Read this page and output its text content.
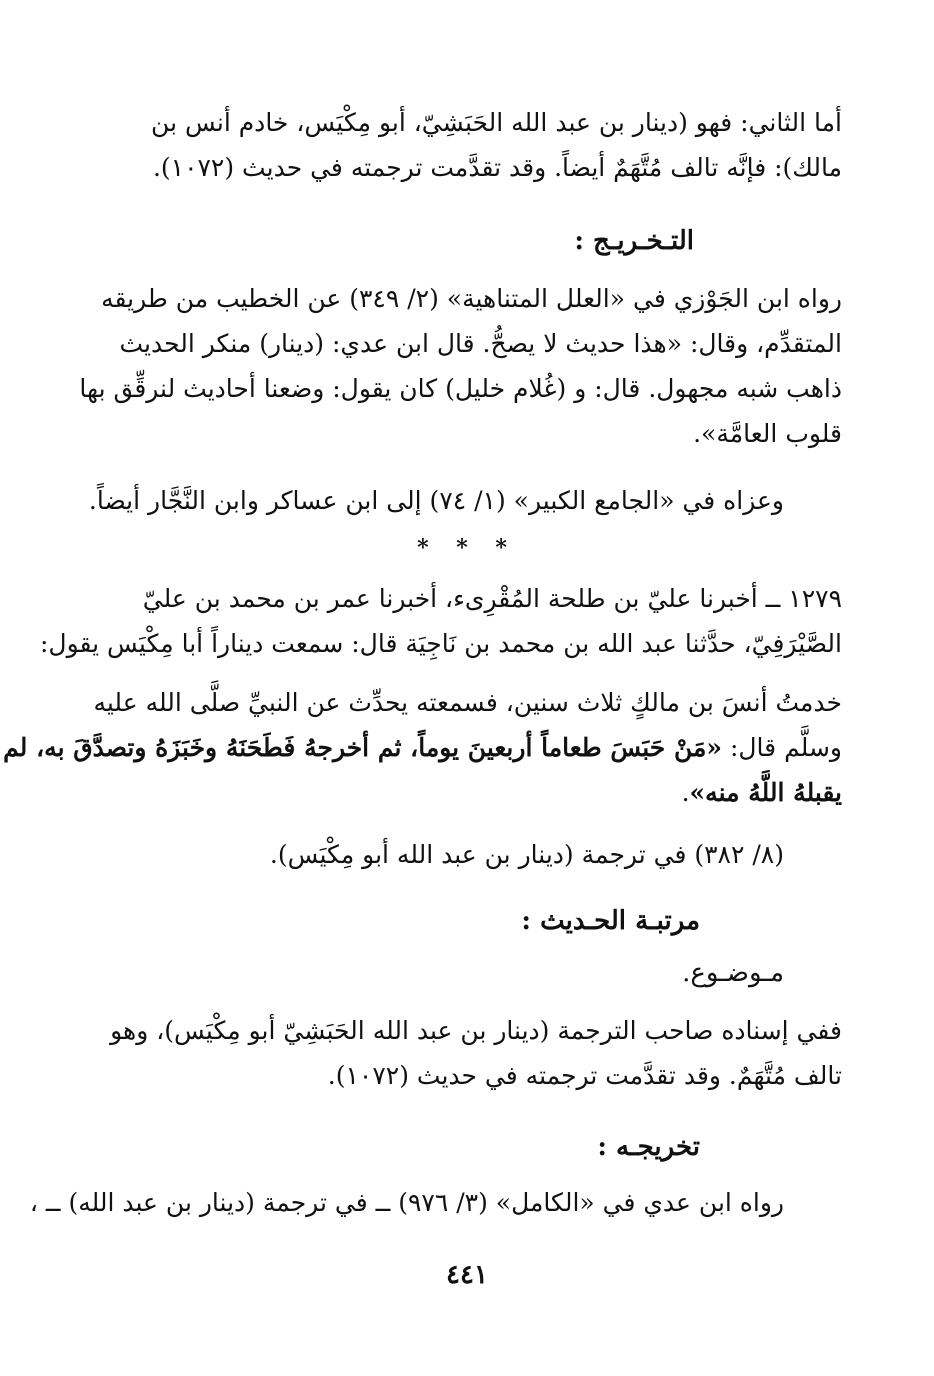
أما الثاني: فهو (دينار بن عبد الله الحَبَشِيّ، أبو مِكْيَس، خادم أنس بن
مالك): فإنَّه تالف مُتَّهَمٌ أيضاً. وقد تقدَّمت ترجمته في حديث (١٠٧٢).
التـخـريـج :
رواه ابن الجَوْزي في «العلل المتناهية» (٢/ ٣٤٩) عن الخطيب من طريقه
المتقدِّم، وقال: «هذا حديث لا يصحُّ. قال ابن عدي: (دينار) منكر الحديث
ذاهب شبه مجهول. قال: و (غُلام خليل) كان يقول: وضعنا أحاديث لنرقِّق بها
قلوب العامَّة».
وعزاه في «الجامع الكبير» (١/ ٧٤) إلى ابن عساكر وابن النَّجَّار أيضاً.
* * *
١٢٧٩ ــ أخبرنا عليّ بن طلحة المُقْرِىء، أخبرنا عمر بن محمد بن عليّ
الصَّيْرَفِيّ، حدَّثنا عبد الله بن محمد بن نَاجِيَة قال: سمعت ديناراً أبا مِكْيَس يقول:
خدمتُ أنسَ بن مالكٍ ثلاث سنين، فسمعته يحدِّث عن النبيِّ صلَّى الله عليه
وسلَّم قال: «مَنْ حَبَسَ طعاماً أربعينَ يوماً، ثم أخرجهُ فَطَحَنَهُ وخَبَزَهُ وتصدَّقَ به، لم
يقبلهُ اللَّهُ منه».
(٨/ ٣٨٢) في ترجمة (دينار بن عبد الله أبو مِكْيَس).
مرتبـة الحـديث :
مـوضـوع.
ففي إسناده صاحب الترجمة (دينار بن عبد الله الحَبَشِيّ أبو مِكْيَس)، وهو
تالف مُتَّهَمٌ. وقد تقدَّمت ترجمته في حديث (١٠٧٢).
تخريجـه :
رواه ابن عدي في «الكامل» (٣/ ٩٧٦) ــ في ترجمة (دينار بن عبد الله) ــ ،
٤٤١
